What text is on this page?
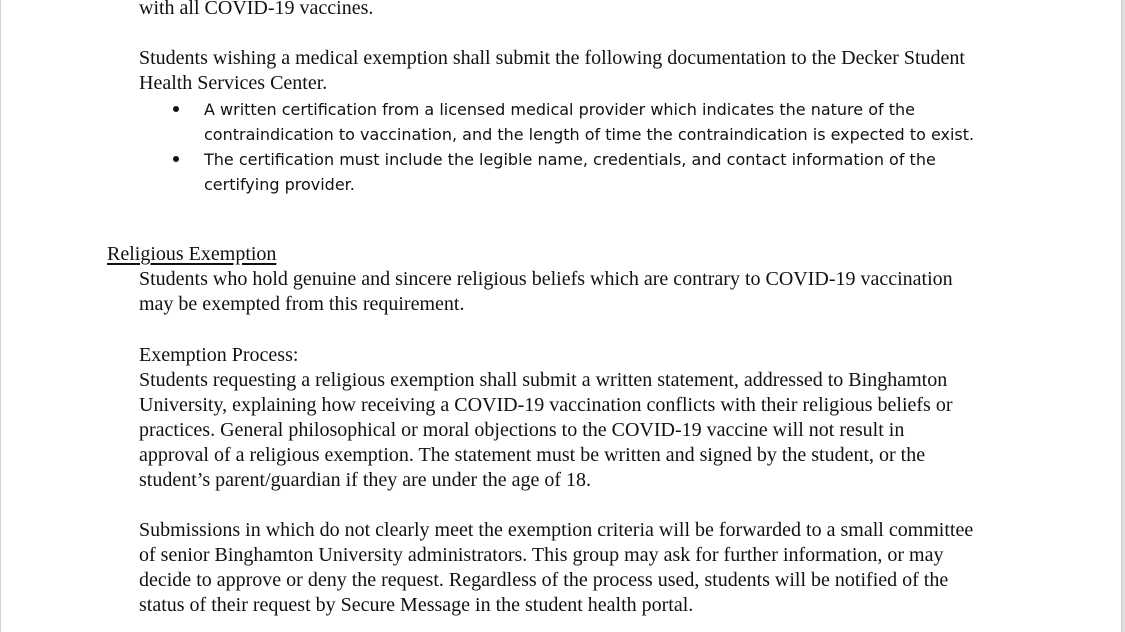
with all COVID-19 vaccines.

Students wishing a medical exemption shall submit the following documentation to the Decker Student
Health Services Center.

A written certification from a licensed medical provider which indicates the nature of the
contraindication to vaccination, and the length of time the contraindication is expected to exist.
The certification must include the legible name, credentials, and contact information of the
certifying provider.

Religious Exemption

Students who hold genuine and sincere religious beliefs which are contrary to COVID-19 vaccination
may be exempted from this requirement.

Exemption Process:

Students requesting a religious exemption shall submit a written statement, addressed to Binghamton
University, explaining how receiving a COVID-19 vaccination conflicts with their religious beliefs or
practices. General philosophical or moral objections to the COVID-19 vaccine will not result in
approval of a religious exemption. The statement must be written and signed by the student, or the
student’s parent/guardian if they are under the age of 18.

Submissions in which do not clearly meet the exemption criteria will be forwarded to a small committee
of senior Binghamton University administrators. This group may ask for further information, or may
decide to approve or deny the request. Regardless of the process used, students will be notified of the
status of their request by Secure Message in the student health portal.
